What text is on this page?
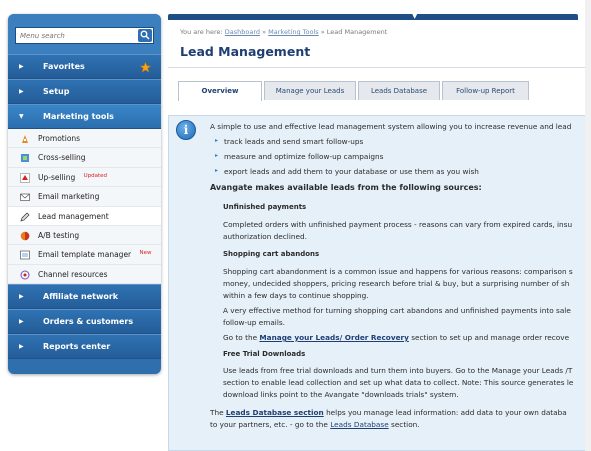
Menu search
▶ Favorites
▶ Setup
▼ Marketing tools
Promotions
Cross-selling
Up-selling $^{Updated}$
Email marketing
Lead management
A/B testing
Email template manager $^{New}$
Channel resources
▶ Affiliate network
▶ Orders & customers
▶ Reports center
▼
You are here: Dashboard » Marketing Tools » Lead Management
Lead Management
Overview	Manage your Leads	Leads Database	Follow-up Report
i	A simple to use and effective lead management system allowing you to increase revenue and lead
▸ track leads and send smart follow-ups
▸ measure and optimize follow-up campaigns
▸ export leads and add them to your database or use them as you wish
Avangate makes available leads from the following sources:
Unfinished payments
Completed orders with unfinished payment process - reasons can vary from expired cards, insu
authorization declined.
Shopping cart abandons
Shopping cart abandonment is a common issue and happens for various reasons: comparison s
money, undecided shoppers, pricing research before trial & buy, but a surprising number of sh
within a few days to continue shopping.
A very effective method for turning shopping cart abandons and unfinished payments into sale
follow-up emails.
Go to the Manage your Leads/ Order Recovery section to set up and manage order recove
Free Trial Downloads
Use leads from free trial downloads and turn them into buyers. Go to the Manage your Leads /T
section to enable lead collection and set up what data to collect. Note: This source generates le
download links point to the Avangate "downloads trials" system.
The Leads Database section helps you manage lead information: add data to your own databa
to your partners, etc. - go to the Leads Database section.
